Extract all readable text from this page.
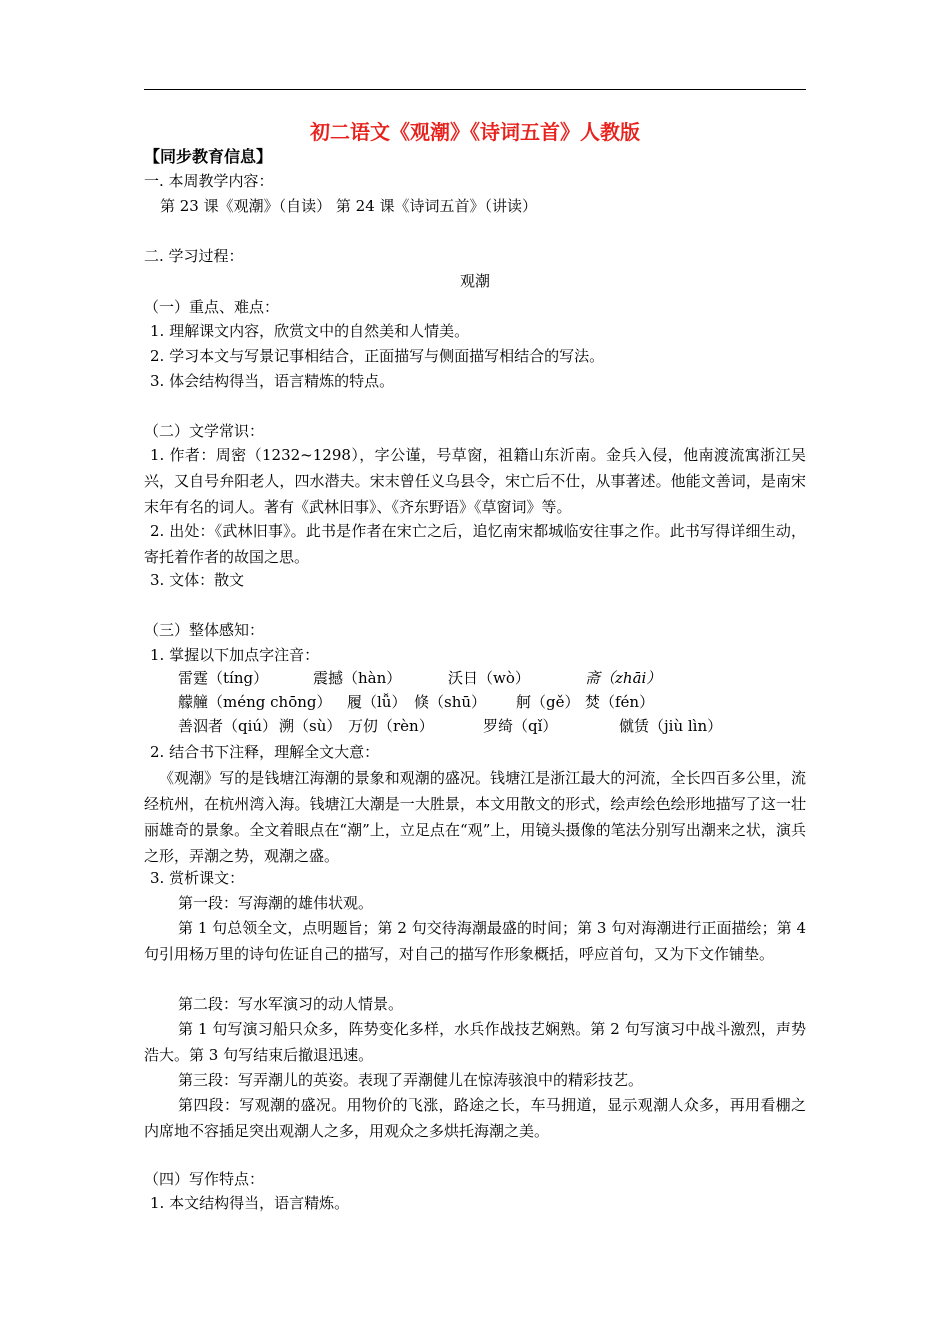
初二语文《观潮》《诗词五首》人教版
【同步教育信息】
一. 本周教学内容：
第 23 课《观潮》（自读） 第 24 课《诗词五首》（讲读）
二. 学习过程：
观潮
（一）重点、难点：
1. 理解课文内容，欣赏文中的自然美和人情美。
2. 学习本文与写景记事相结合，正面描写与侧面描写相结合的写法。
3. 体会结构得当，语言精炼的特点。
（二）文学常识：
1. 作者：周密（1232~1298），字公谨，号草窗，祖籍山东沂南。金兵入侵，他南渡流寓浙江吴兴，又自号弁阳老人，四水潜夫。宋末曾任义乌县令，宋亡后不仕，从事著述。他能文善词，是南宋末年有名的词人。著有《武林旧事》、《齐东野语》《草窗词》等。
2. 出处：《武林旧事》。此书是作者在宋亡之后，追忆南宋都城临安往事之作。此书写得详细生动，寄托着作者的故国之思。
3. 文体：散文
（三）整体感知：
1. 掌握以下加点字注音：
雷霆（tíng）	震撼（hàn）	沃日（wò）	斋（zhāi）
艨艟（méng chōng） 履（lǚ） 倏（shū） 舸（gě） 焚（fén）
善泅者（qiú） 溯（sù） 万仞（rèn）	罗绮（qǐ）	僦赁（jiù lìn）
2. 结合书下注释，理解全文大意：
《观潮》写的是钱塘江海潮的景象和观潮的盛况。钱塘江是浙江最大的河流，全长四百多公里，流经杭州，在杭州湾入海。钱塘江大潮是一大胜景，本文用散文的形式，绘声绘色绘形地描写了这一壮丽雄奇的景象。全文着眼点在“潮”上，立足点在“观”上，用镜头摄像的笔法分别写出潮来之状，演兵之形，弄潮之势，观潮之盛。
3. 赏析课文：
第一段：写海潮的雄伟状观。
第 1 句总领全文，点明题旨；第 2 句交待海潮最盛的时间；第 3 句对海潮进行正面描绘；第 4 句引用杨万里的诗句佐证自己的描写，对自己的描写作形象概括，呼应首句，又为下文作铺垫。
第二段：写水军演习的动人情景。
第 1 句写演习船只众多，阵势变化多样，水兵作战技艺娴熟。第 2 句写演习中战斗激烈，声势浩大。第 3 句写结束后撤退迅速。
第三段：写弄潮儿的英姿。表现了弄潮健儿在惊涛骇浪中的精彩技艺。
第四段：写观潮的盛况。用物价的飞涨，路途之长，车马拥道，显示观潮人众多，再用看棚之内席地不容插足突出观潮人之多，用观众之多烘托海潮之美。
（四）写作特点：
1. 本文结构得当，语言精炼。
